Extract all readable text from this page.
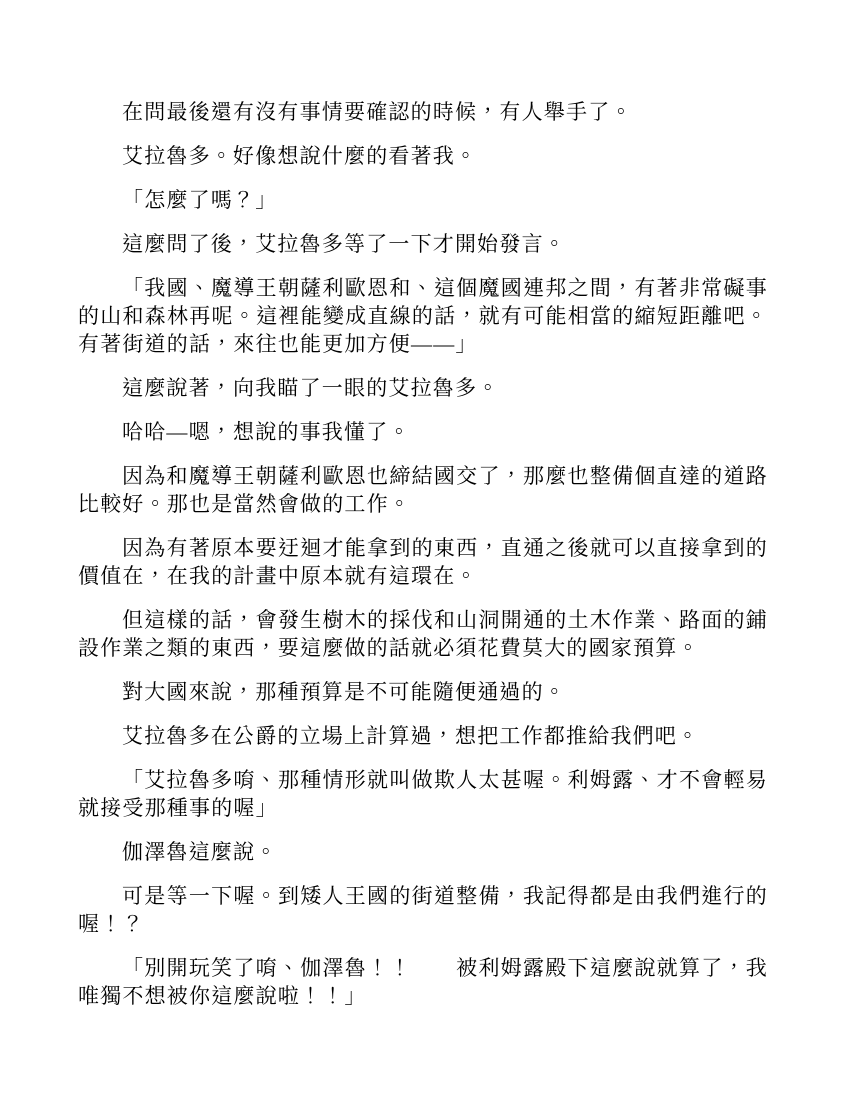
在問最後還有沒有事情要確認的時候，有人舉手了。

艾拉魯多。好像想說什麼的看著我。

「怎麼了嗎？」

這麼問了後，艾拉魯多等了一下才開始發言。

「我國、魔導王朝薩利歐恩和、這個魔國連邦之間，有著非常礙事的山和森林再呢。這裡能變成直線的話，就有可能相當的縮短距離吧。有著街道的話，來往也能更加方便——」

這麼說著，向我瞄了一眼的艾拉魯多。

哈哈—嗯，想說的事我懂了。

因為和魔導王朝薩利歐恩也締結國交了，那麼也整備個直達的道路比較好。那也是當然會做的工作。

因為有著原本要迂迴才能拿到的東西，直通之後就可以直接拿到的價值在，在我的計畫中原本就有這環在。

但這樣的話，會發生樹木的採伐和山洞開通的土木作業、路面的鋪設作業之類的東西，要這麼做的話就必須花費莫大的國家預算。

對大國來說，那種預算是不可能隨便通過的。

艾拉魯多在公爵的立場上計算過，想把工作都推給我們吧。

「艾拉魯多唷、那種情形就叫做欺人太甚喔。利姆露、才不會輕易就接受那種事的喔」

伽澤魯這麼說。

可是等一下喔。到矮人王國的街道整備，我記得都是由我們進行的喔！？

「別開玩笑了唷、伽澤魯！！　　被利姆露殿下這麼說就算了，我唯獨不想被你這麼說啦！！」
